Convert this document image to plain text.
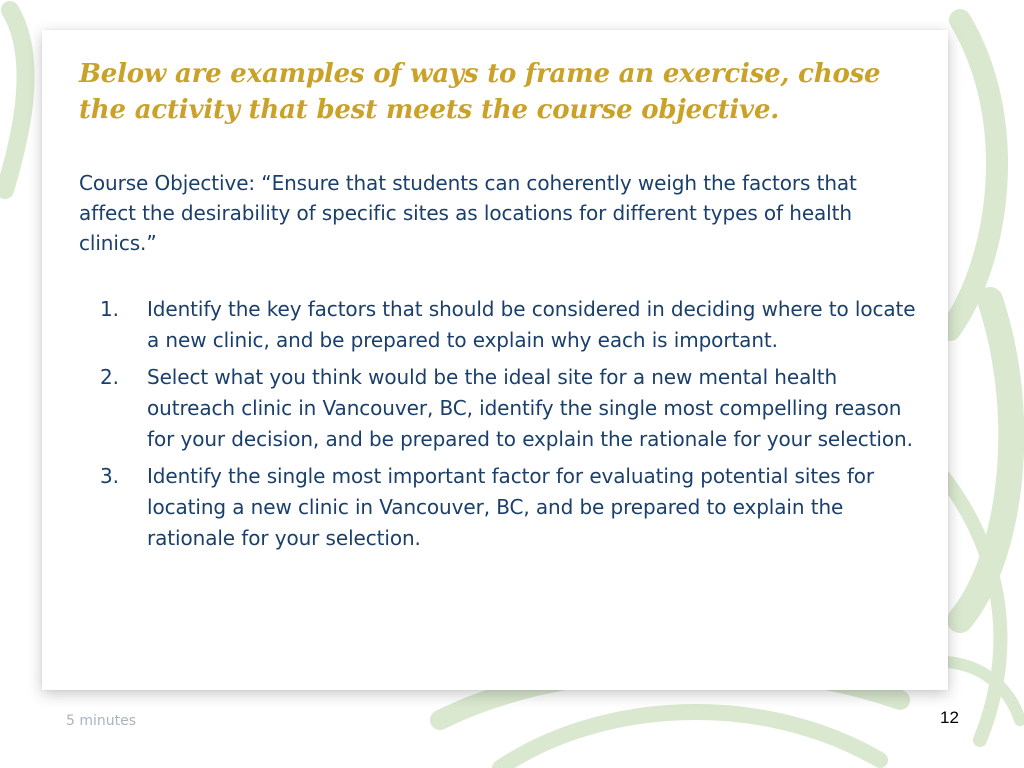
Below are examples of ways to frame an exercise, chose the activity that best meets the course objective.

Course Objective: “Ensure that students can coherently weigh the factors that affect the desirability of specific sites as locations for different types of health clinics.”

1.	Identify the key factors that should be considered in deciding where to locate a new clinic, and be prepared to explain why each is important.
2.	Select what you think would be the ideal site for a new mental health outreach clinic in Vancouver, BC, identify the single most compelling reason for your decision, and be prepared to explain the rationale for your selection.
3.	Identify the single most important factor for evaluating potential sites for locating a new clinic in Vancouver, BC, and be prepared to explain the rationale for your selection.
5 minutes	12
